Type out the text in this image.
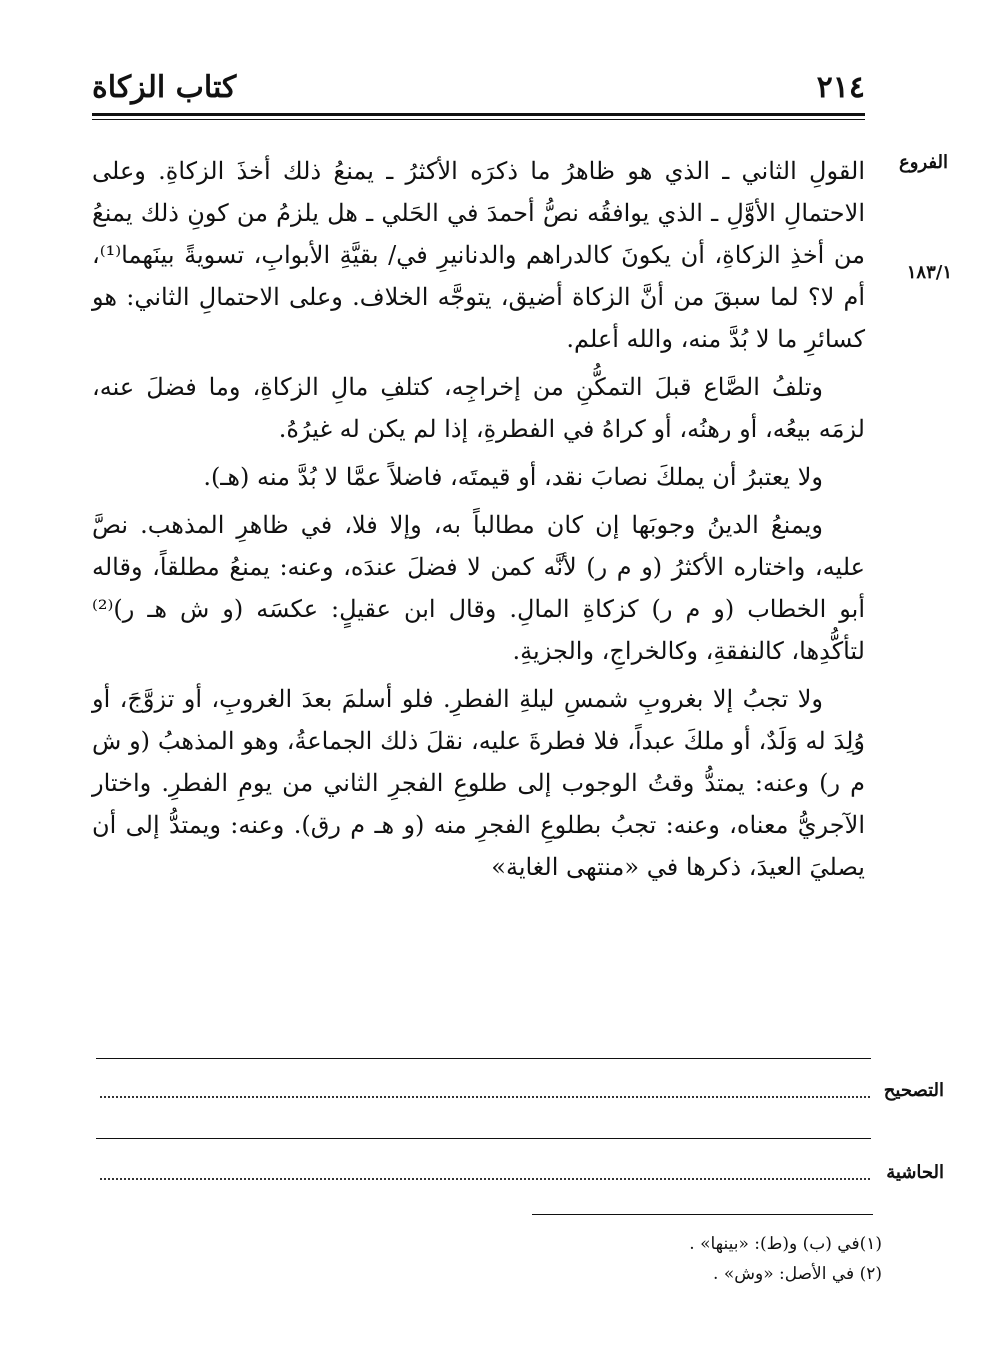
٢١٤
كتاب الزكاة
الفروع
١٨٣/١

القولِ الثاني ـ الذي هو ظاهرُ ما ذكرَه الأكثرُ ـ يمنعُ ذلك أخذَ الزكاةِ. وعلى الاحتمالِ الأوَّلِ ـ الذي يوافقُه نصُّ أحمدَ في الحَلي ـ هل يلزمُ من كونِ ذلك يمنعُ من أخذِ الزكاةِ، أن يكونَ كالدراهم والدنانيرِ في/ بقيَّةِ الأبوابِ، تسويةً بينَهما⁽¹⁾، أم لا؟ لما سبقَ من أنَّ الزكاة أضيق، يتوجَّه الخلاف. وعلى الاحتمالِ الثاني: هو كسائرِ ما لا بُدَّ منه، والله أعلم.

وتلفُ الصَّاع قبلَ التمكُّنِ من إخراجِه، كتلفِ مالِ الزكاةِ، وما فضلَ عنه، لزمَه بيعُه، أو رهنُه، أو كراهُ في الفطرةِ، إذا لم يكن له غيرُهُ.

ولا يعتبرُ أن يملكَ نصابَ نقد، أو قيمتَه، فاضلاً عمَّا لا بُدَّ منه (هـ).

ويمنعُ الدينُ وجوبَها إن كان مطالباً به، وإلا فلا، في ظاهرِ المذهب. نصَّ عليه، واختاره الأكثرُ (و م ر) لأنَّه كمن لا فضلَ عندَه، وعنه: يمنعُ مطلقاً، وقاله أبو الخطاب (و م ر) كزكاةِ المالِ. وقال ابن عقيلٍ: عكسَه (و ش هـ ر)⁽²⁾ لتأكُّدِها، كالنفقةِ، وكالخراجِ، والجزيةِ.

ولا تجبُ إلا بغروبِ شمسِ ليلةِ الفطرِ. فلو أسلمَ بعدَ الغروبِ، أو تزوَّجَ، أو وُلِدَ له وَلَدٌ، أو ملكَ عبداً، فلا فطرةَ عليه، نقلَ ذلك الجماعةُ، وهو المذهبُ (و ش م ر) وعنه: يمتدُّ وقتُ الوجوب إلى طلوعِ الفجرِ الثاني من يومِ الفطرِ. واختار الآجريُّ معناه، وعنه: تجبُ بطلوعِ الفجرِ منه (و هـ م رق). وعنه: ويمتدُّ إلى أن يصليَ العيدَ، ذكرها في «منتهى الغاية»

التصحيح
الحاشية
(١)في (ب) و(ط): «بينها» .
(٢) في الأصل: «وش» .
